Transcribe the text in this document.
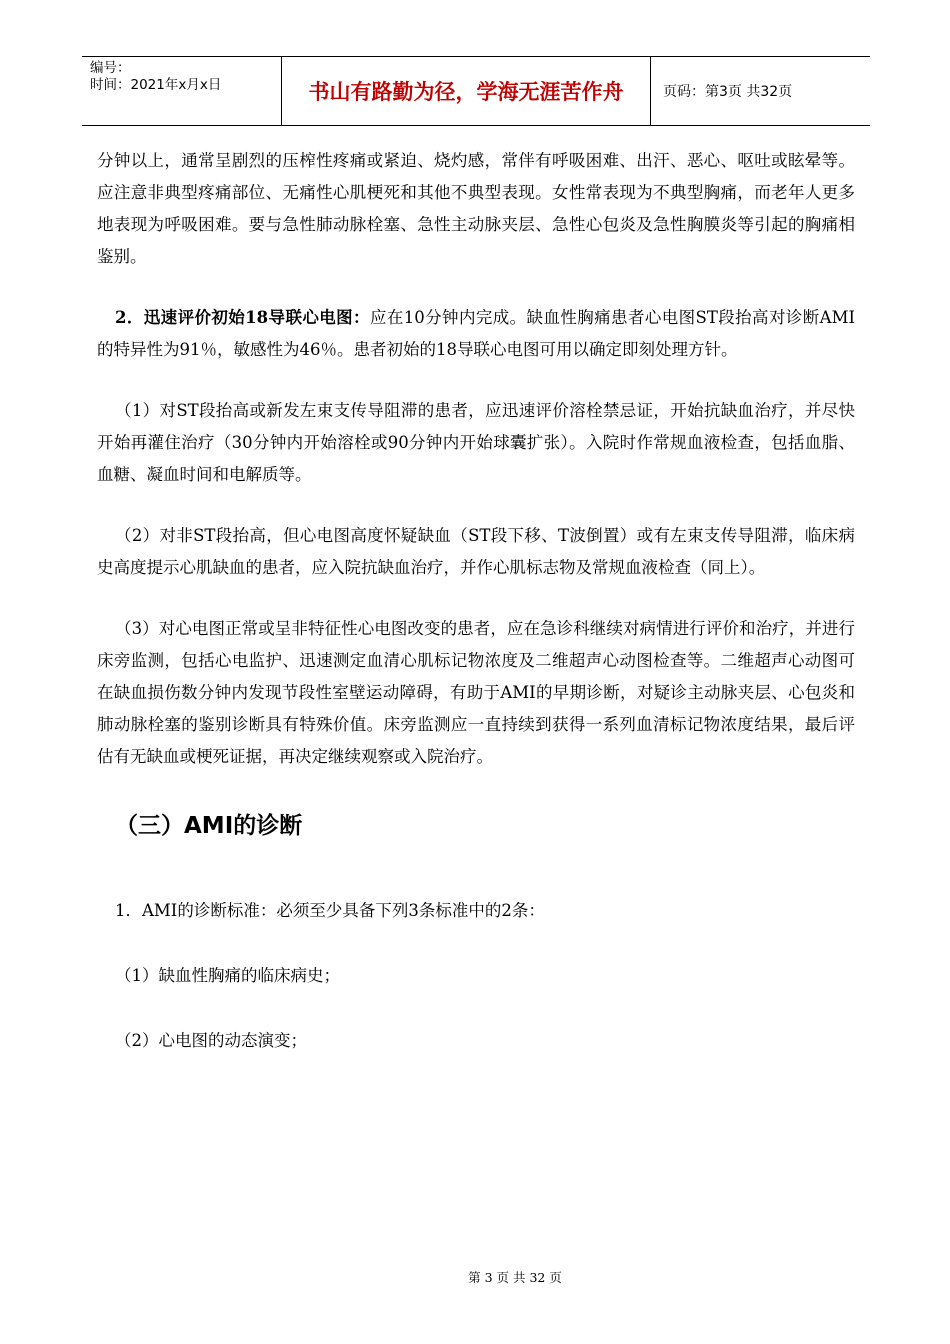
编号：
时间：2021年x月x日	书山有路勤为径，学海无涯苦作舟	页码：第3页 共32页

分钟以上，通常呈剧烈的压榨性疼痛或紧迫、烧灼感，常伴有呼吸困难、出汗、恶心、呕吐或眩晕等。应注意非典型疼痛部位、无痛性心肌梗死和其他不典型表现。女性常表现为不典型胸痛，而老年人更多地表现为呼吸困难。要与急性肺动脉栓塞、急性主动脉夹层、急性心包炎及急性胸膜炎等引起的胸痛相鉴别。

2．迅速评价初始18导联心电图：应在10分钟内完成。缺血性胸痛患者心电图ST段抬高对诊断AMI的特异性为91％，敏感性为46％。患者初始的18导联心电图可用以确定即刻处理方针。

（1）对ST段抬高或新发左束支传导阻滞的患者，应迅速评价溶栓禁忌证，开始抗缺血治疗，并尽快开始再灌住治疗（30分钟内开始溶栓或90分钟内开始球囊扩张）。入院时作常规血液检查，包括血脂、血糖、凝血时间和电解质等。

（2）对非ST段抬高，但心电图高度怀疑缺血（ST段下移、T波倒置）或有左束支传导阻滞，临床病史高度提示心肌缺血的患者，应入院抗缺血治疗，并作心肌标志物及常规血液检查（同上）。

（3）对心电图正常或呈非特征性心电图改变的患者，应在急诊科继续对病情进行评价和治疗，并进行床旁监测，包括心电监护、迅速测定血清心肌标记物浓度及二维超声心动图检查等。二维超声心动图可在缺血损伤数分钟内发现节段性室壁运动障碍，有助于AMI的早期诊断，对疑诊主动脉夹层、心包炎和肺动脉栓塞的鉴别诊断具有特殊价值。床旁监测应一直持续到获得一系列血清标记物浓度结果，最后评估有无缺血或梗死证据，再决定继续观察或入院治疗。

（三）AMI的诊断

1．AMI的诊断标准：必须至少具备下列3条标准中的2条：

（1）缺血性胸痛的临床病史；

（2）心电图的动态演变；

第 3 页 共 32 页
